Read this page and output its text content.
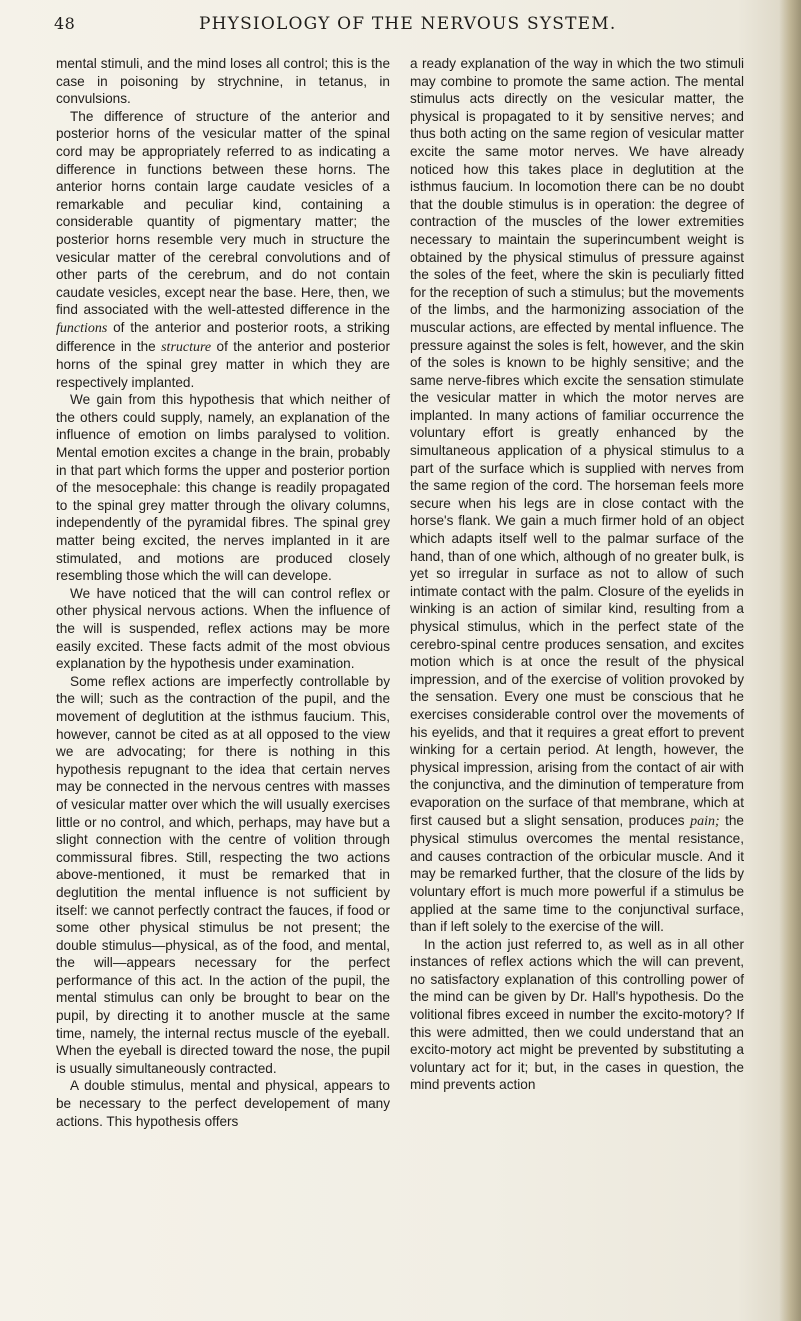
48	PHYSIOLOGY OF THE NERVOUS SYSTEM.

mental stimuli, and the mind loses all control; this is the case in poisoning by strychnine, in tetanus, in convulsions.

The difference of structure of the anterior and posterior horns of the vesicular matter of the spinal cord may be appropriately referred to as indicating a difference in functions between these horns. The anterior horns contain large caudate vesicles of a remarkable and peculiar kind, containing a considerable quantity of pigmentary matter; the posterior horns resemble very much in structure the vesicular matter of the cerebral convolutions and of other parts of the cerebrum, and do not contain caudate vesicles, except near the base. Here, then, we find associated with the well-attested difference in the functions of the anterior and posterior roots, a striking difference in the structure of the anterior and posterior horns of the spinal grey matter in which they are respectively implanted.

We gain from this hypothesis that which neither of the others could supply, namely, an explanation of the influence of emotion on limbs paralysed to volition. Mental emotion excites a change in the brain, probably in that part which forms the upper and posterior portion of the mesocephale: this change is readily propagated to the spinal grey matter through the olivary columns, independently of the pyramidal fibres. The spinal grey matter being excited, the nerves implanted in it are stimulated, and motions are produced closely resembling those which the will can develope.

We have noticed that the will can control reflex or other physical nervous actions. When the influence of the will is suspended, reflex actions may be more easily excited. These facts admit of the most obvious explanation by the hypothesis under examination.

Some reflex actions are imperfectly controllable by the will; such as the contraction of the pupil, and the movement of deglutition at the isthmus faucium. This, however, cannot be cited as at all opposed to the view we are advocating; for there is nothing in this hypothesis repugnant to the idea that certain nerves may be connected in the nervous centres with masses of vesicular matter over which the will usually exercises little or no control, and which, perhaps, may have but a slight connection with the centre of volition through commissural fibres. Still, respecting the two actions above-mentioned, it must be remarked that in deglutition the mental influence is not sufficient by itself: we cannot perfectly contract the fauces, if food or some other physical stimulus be not present; the double stimulus—physical, as of the food, and mental, the will—appears necessary for the perfect performance of this act. In the action of the pupil, the mental stimulus can only be brought to bear on the pupil, by directing it to another muscle at the same time, namely, the internal rectus muscle of the eyeball. When the eyeball is directed toward the nose, the pupil is usually simultaneously contracted.

A double stimulus, mental and physical, appears to be necessary to the perfect developement of many actions. This hypothesis offers

a ready explanation of the way in which the two stimuli may combine to promote the same action. The mental stimulus acts directly on the vesicular matter, the physical is propagated to it by sensitive nerves; and thus both acting on the same region of vesicular matter excite the same motor nerves. We have already noticed how this takes place in deglutition at the isthmus faucium. In locomotion there can be no doubt that the double stimulus is in operation: the degree of contraction of the muscles of the lower extremities necessary to maintain the superincumbent weight is obtained by the physical stimulus of pressure against the soles of the feet, where the skin is peculiarly fitted for the reception of such a stimulus; but the movements of the limbs, and the harmonizing association of the muscular actions, are effected by mental influence. The pressure against the soles is felt, however, and the skin of the soles is known to be highly sensitive; and the same nerve-fibres which excite the sensation stimulate the vesicular matter in which the motor nerves are implanted. In many actions of familiar occurrence the voluntary effort is greatly enhanced by the simultaneous application of a physical stimulus to a part of the surface which is supplied with nerves from the same region of the cord. The horseman feels more secure when his legs are in close contact with the horse's flank. We gain a much firmer hold of an object which adapts itself well to the palmar surface of the hand, than of one which, although of no greater bulk, is yet so irregular in surface as not to allow of such intimate contact with the palm. Closure of the eyelids in winking is an action of similar kind, resulting from a physical stimulus, which in the perfect state of the cerebro-spinal centre produces sensation, and excites motion which is at once the result of the physical impression, and of the exercise of volition provoked by the sensation. Every one must be conscious that he exercises considerable control over the movements of his eyelids, and that it requires a great effort to prevent winking for a certain period. At length, however, the physical impression, arising from the contact of air with the conjunctiva, and the diminution of temperature from evaporation on the surface of that membrane, which at first caused but a slight sensation, produces pain; the physical stimulus overcomes the mental resistance, and causes contraction of the orbicular muscle. And it may be remarked further, that the closure of the lids by voluntary effort is much more powerful if a stimulus be applied at the same time to the conjunctival surface, than if left solely to the exercise of the will.

In the action just referred to, as well as in all other instances of reflex actions which the will can prevent, no satisfactory explanation of this controlling power of the mind can be given by Dr. Hall's hypothesis. Do the volitional fibres exceed in number the excito-motory? If this were admitted, then we could understand that an excito-motory act might be prevented by substituting a voluntary act for it; but, in the cases in question, the mind prevents action
